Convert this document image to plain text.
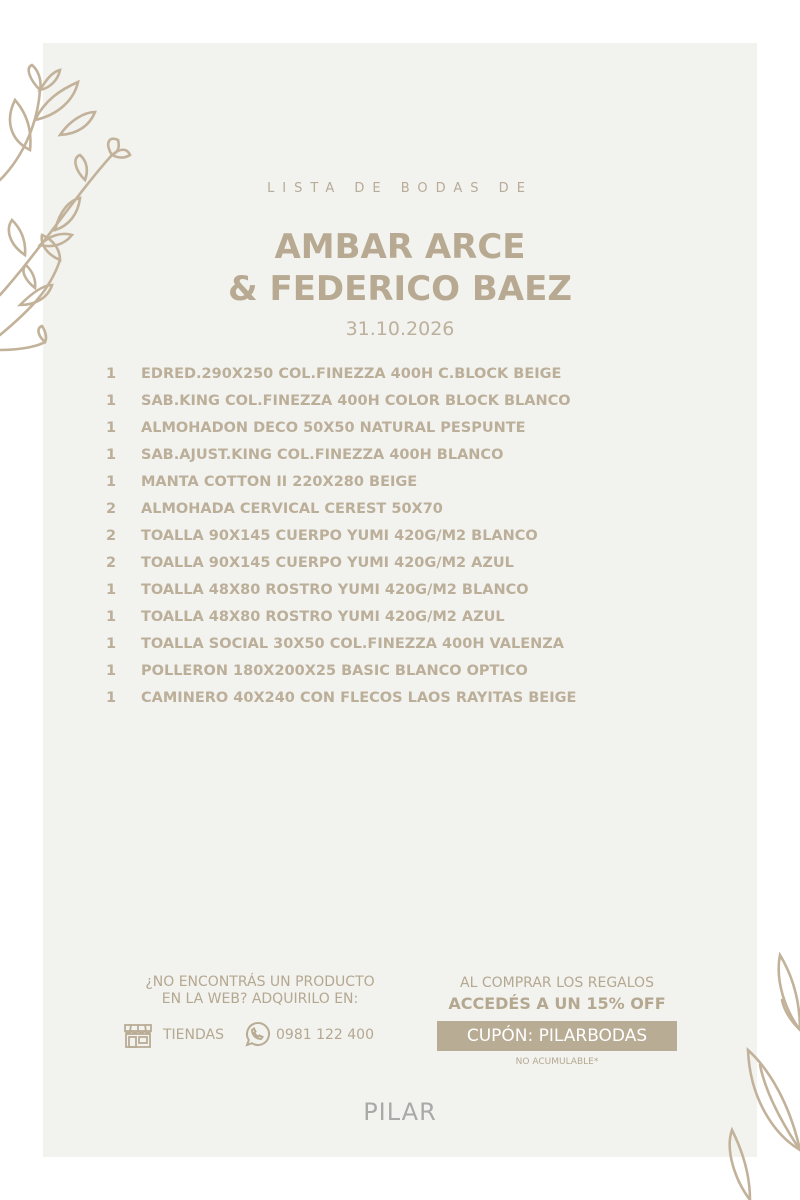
LISTA DE BODAS DE
AMBAR ARCE
& FEDERICO BAEZ
31.10.2026
1	EDRED.290X250 COL.FINEZZA 400H C.BLOCK BEIGE
1	SAB.KING COL.FINEZZA 400H COLOR BLOCK BLANCO
1	ALMOHADON DECO 50X50 NATURAL PESPUNTE
1	SAB.AJUST.KING COL.FINEZZA 400H BLANCO
1	MANTA COTTON II 220X280 BEIGE
2	ALMOHADA CERVICAL CEREST 50X70
2	TOALLA 90X145 CUERPO YUMI 420G/M2 BLANCO
2	TOALLA 90X145 CUERPO YUMI 420G/M2 AZUL
1	TOALLA 48X80 ROSTRO YUMI 420G/M2 BLANCO
1	TOALLA 48X80 ROSTRO YUMI 420G/M2 AZUL
1	TOALLA SOCIAL 30X50 COL.FINEZZA 400H VALENZA
1	POLLERON 180X200X25 BASIC BLANCO OPTICO
1	CAMINERO 40X240 CON FLECOS LAOS RAYITAS BEIGE
¿NO ENCONTRÁS UN PRODUCTO
EN LA WEB? ADQUIRILO EN:
TIENDAS	0981 122 400
AL COMPRAR LOS REGALOS
ACCEDÉS A UN 15% OFF
CUPÓN: PILARBODAS
NO ACUMULABLE*
PILAR
